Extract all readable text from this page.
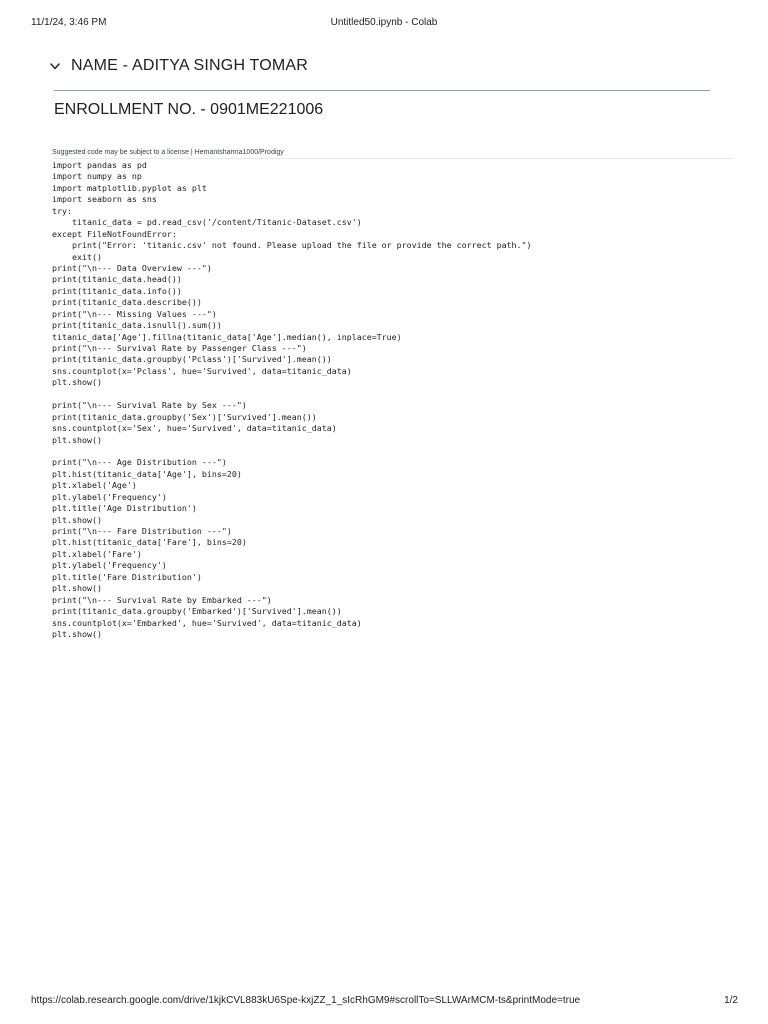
11/1/24, 3:46 PM	Untitled50.ipynb - Colab
NAME - ADITYA SINGH TOMAR
ENROLLMENT NO. - 0901ME221006
Suggested code may be subject to a license | Hemantsharma1000/Prodigy
import pandas as pd
import numpy as np
import matplotlib.pyplot as plt
import seaborn as sns
try:
titanic_data = pd.read_csv('/content/Titanic-Dataset.csv')
except FileNotFoundError:
print("Error: 'titanic.csv' not found. Please upload the file or provide the correct path.")
exit()
print("\n--- Data Overview ---")
print(titanic_data.head())
print(titanic_data.info())
print(titanic_data.describe())
print("\n--- Missing Values ---")
print(titanic_data.isnull().sum())
titanic_data['Age'].fillna(titanic_data['Age'].median(), inplace=True)
print("\n--- Survival Rate by Passenger Class ---")
print(titanic_data.groupby('Pclass')['Survived'].mean())
sns.countplot(x='Pclass', hue='Survived', data=titanic_data)
plt.show()
print("\n--- Survival Rate by Sex ---")
print(titanic_data.groupby('Sex')['Survived'].mean())
sns.countplot(x='Sex', hue='Survived', data=titanic_data)
plt.show()
print("\n--- Age Distribution ---")
plt.hist(titanic_data['Age'], bins=20)
plt.xlabel('Age')
plt.ylabel('Frequency')
plt.title('Age Distribution')
plt.show()
print("\n--- Fare Distribution ---")
plt.hist(titanic_data['Fare'], bins=20)
plt.xlabel('Fare')
plt.ylabel('Frequency')
plt.title('Fare Distribution')
plt.show()
print("\n--- Survival Rate by Embarked ---")
print(titanic_data.groupby('Embarked')['Survived'].mean())
sns.countplot(x='Embarked', hue='Survived', data=titanic_data)
plt.show()
https://colab.research.google.com/drive/1kjkCVL883kU6Spe-kxjZZ_1_sIcRhGM9#scrollTo=SLLWArMCM-ts&printMode=true	1/2
